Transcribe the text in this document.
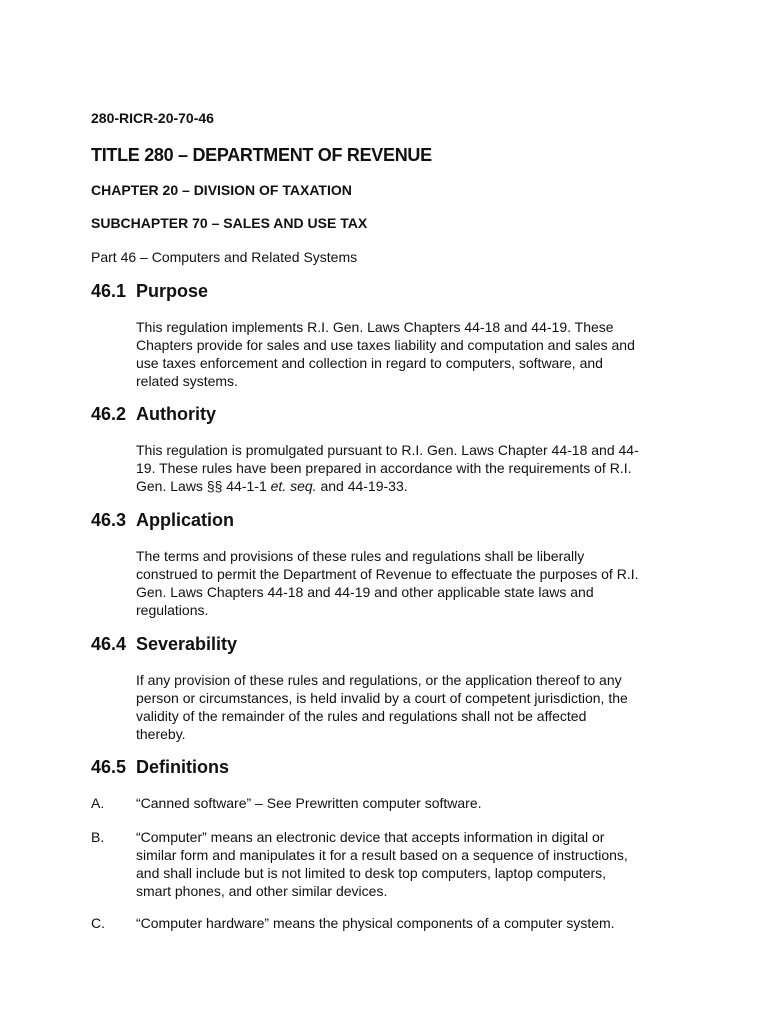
280-RICR-20-70-46
TITLE 280 – DEPARTMENT OF REVENUE
CHAPTER 20 – DIVISION OF TAXATION
SUBCHAPTER 70 – SALES AND USE TAX
Part 46 – Computers and Related Systems
46.1 Purpose
This regulation implements R.I. Gen. Laws Chapters 44-18 and 44-19. These
Chapters provide for sales and use taxes liability and computation and sales and
use taxes enforcement and collection in regard to computers, software, and
related systems.
46.2 Authority
This regulation is promulgated pursuant to R.I. Gen. Laws Chapter 44-18 and 44-
19. These rules have been prepared in accordance with the requirements of R.I.
Gen. Laws §§ 44-1-1 et. seq. and 44-19-33.
46.3 Application
The terms and provisions of these rules and regulations shall be liberally
construed to permit the Department of Revenue to effectuate the purposes of R.I.
Gen. Laws Chapters 44-18 and 44-19 and other applicable state laws and
regulations.
46.4 Severability
If any provision of these rules and regulations, or the application thereof to any
person or circumstances, is held invalid by a court of competent jurisdiction, the
validity of the remainder of the rules and regulations shall not be affected
thereby.
46.5 Definitions
A. “Canned software” – See Prewritten computer software.
B. “Computer” means an electronic device that accepts information in digital or
similar form and manipulates it for a result based on a sequence of instructions,
and shall include but is not limited to desk top computers, laptop computers,
smart phones, and other similar devices.
C. “Computer hardware” means the physical components of a computer system.
